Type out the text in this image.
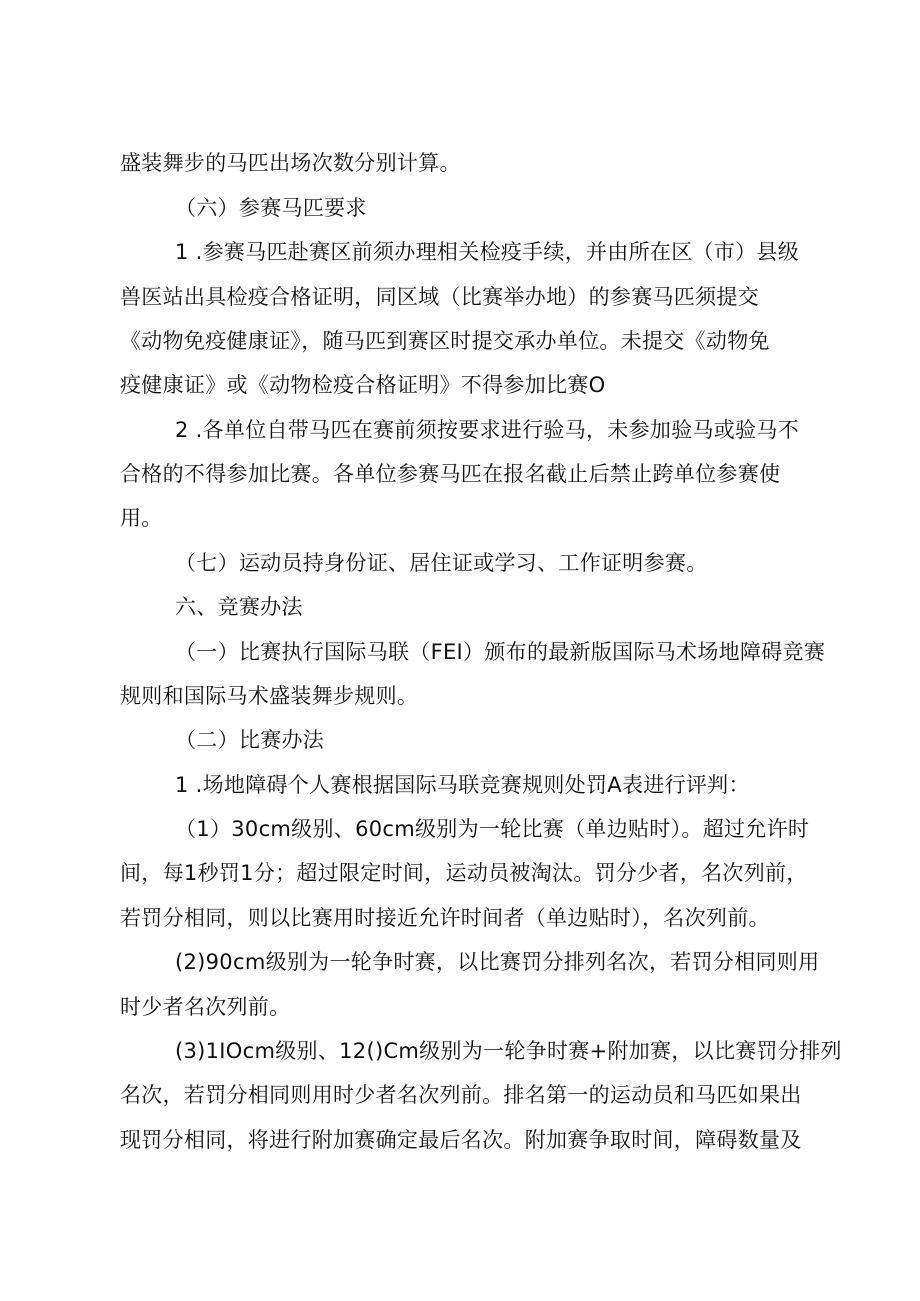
盛装舞步的马匹出场次数分别计算。
（六）参赛马匹要求
1 .参赛马匹赴赛区前须办理相关检疫手续，并由所在区（市）县级
兽医站出具检疫合格证明，同区域（比赛举办地）的参赛马匹须提交
《动物免疫健康证》，随马匹到赛区时提交承办单位。未提交《动物免
疫健康证》或《动物检疫合格证明》不得参加比赛O
2 .各单位自带马匹在赛前须按要求进行验马，未参加验马或验马不
合格的不得参加比赛。各单位参赛马匹在报名截止后禁止跨单位参赛使
用。
（七）运动员持身份证、居住证或学习、工作证明参赛。
六、竞赛办法
（一）比赛执行国际马联（FEI）颁布的最新版国际马术场地障碍竞赛
规则和国际马术盛装舞步规则。
（二）比赛办法
1 .场地障碍个人赛根据国际马联竞赛规则处罚A表进行评判：
（1）30cm级别、60cm级别为一轮比赛（单边贴时）。超过允许时
间，每1秒罚1分；超过限定时间，运动员被淘汰。罚分少者，名次列前，
若罚分相同，则以比赛用时接近允许时间者（单边贴时），名次列前。
(2)90cm级别为一轮争时赛，以比赛罚分排列名次，若罚分相同则用
时少者名次列前。
(3)1IOcm级别、12()Cm级别为一轮争时赛+附加赛，以比赛罚分排列
名次，若罚分相同则用时少者名次列前。排名第一的运动员和马匹如果出
现罚分相同，将进行附加赛确定最后名次。附加赛争取时间，障碍数量及
